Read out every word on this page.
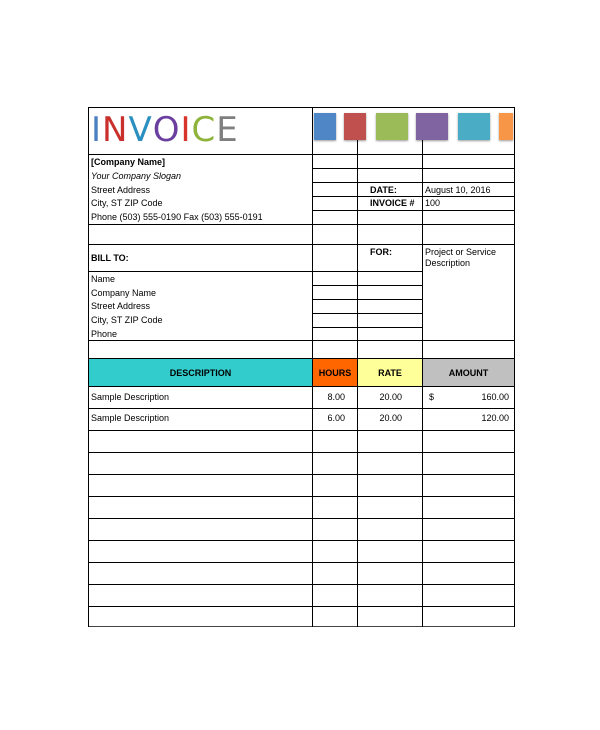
INVOICE
[Company Name]
Your Company Slogan
Street Address
City, ST ZIP Code
Phone (503) 555-0190 Fax (503) 555-0191
DATE:	August 10, 2016
INVOICE # 100
BILL TO:
Name
Company Name
Street Address
City, ST ZIP Code
Phone
FOR:	Project or Service Description
DESCRIPTION	HOURS	RATE	AMOUNT
Sample Description	8.00	20.00	$	160.00
Sample Description	6.00	20.00	120.00
